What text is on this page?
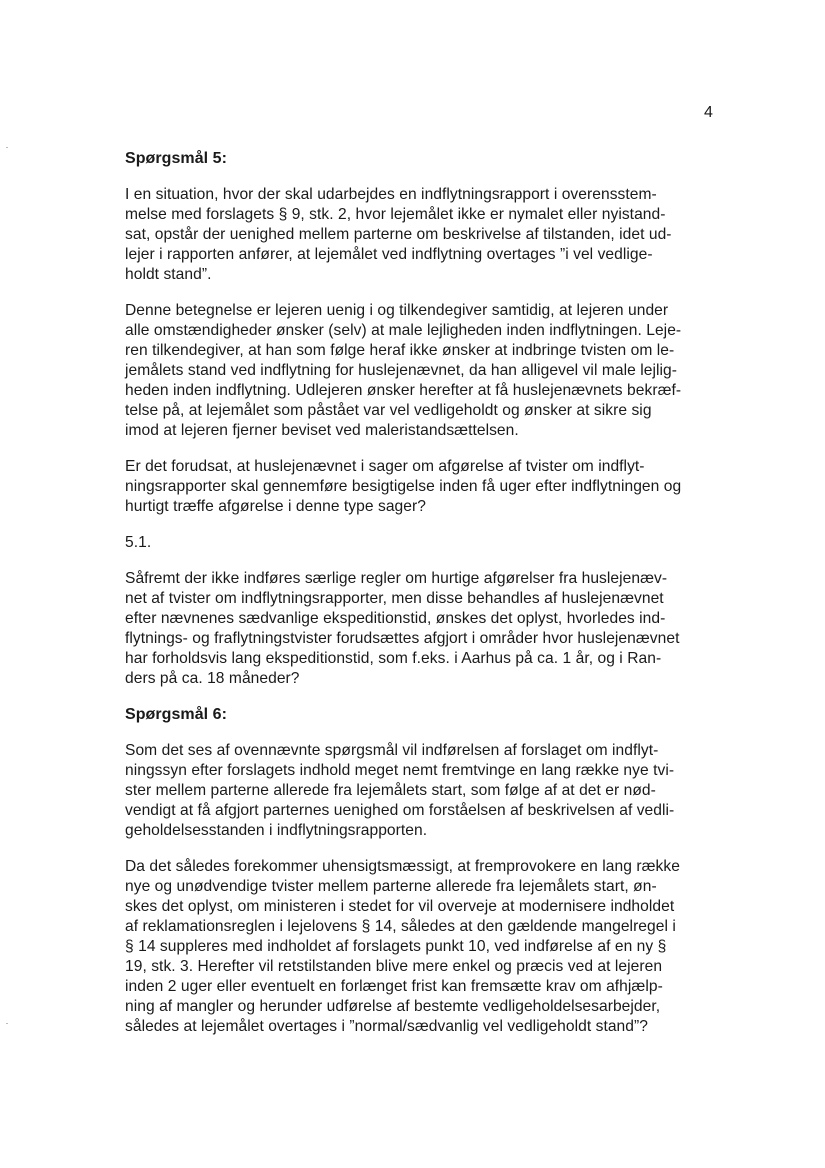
4
Spørgsmål 5:
I en situation, hvor der skal udarbejdes en indflytningsrapport i overensstem-
melse med forslagets § 9, stk. 2, hvor lejemålet ikke er nymalet eller nyistand-
sat, opstår der uenighed mellem parterne om beskrivelse af tilstanden, idet ud-
lejer i rapporten anfører, at lejemålet ved indflytning overtages ”i vel vedlige-
holdt stand”.
Denne betegnelse er lejeren uenig i og tilkendegiver samtidig, at lejeren under
alle omstændigheder ønsker (selv) at male lejligheden inden indflytningen. Leje-
ren tilkendegiver, at han som følge heraf ikke ønsker at indbringe tvisten om le-
jemålets stand ved indflytning for huslejenævnet, da han alligevel vil male lejlig-
heden inden indflytning. Udlejeren ønsker herefter at få huslejenævnets bekræf-
telse på, at lejemålet som påstået var vel vedligeholdt og ønsker at sikre sig
imod at lejeren fjerner beviset ved maleristandsættelsen.
Er det forudsat, at huslejenævnet i sager om afgørelse af tvister om indflyt-
ningsrapporter skal gennemføre besigtigelse inden få uger efter indflytningen og
hurtigt træffe afgørelse i denne type sager?
5.1.
Såfremt der ikke indføres særlige regler om hurtige afgørelser fra huslejenæv-
net af tvister om indflytningsrapporter, men disse behandles af huslejenævnet
efter nævnenes sædvanlige ekspeditionstid, ønskes det oplyst, hvorledes ind-
flytnings- og fraflytningstvister forudsættes afgjort i områder hvor huslejenævnet
har forholdsvis lang ekspeditionstid, som f.eks. i Aarhus på ca. 1 år, og i Ran-
ders på ca. 18 måneder?
Spørgsmål 6:
Som det ses af ovennævnte spørgsmål vil indførelsen af forslaget om indflyt-
ningssyn efter forslagets indhold meget nemt fremtvinge en lang række nye tvi-
ster mellem parterne allerede fra lejemålets start, som følge af at det er nød-
vendigt at få afgjort parternes uenighed om forståelsen af beskrivelsen af vedli-
geholdelsesstanden i indflytningsrapporten.
Da det således forekommer uhensigtsmæssigt, at fremprovokere en lang række
nye og unødvendige tvister mellem parterne allerede fra lejemålets start, øn-
skes det oplyst, om ministeren i stedet for vil overveje at modernisere indholdet
af reklamationsreglen i lejelovens § 14, således at den gældende mangelregel i
§ 14 suppleres med indholdet af forslagets punkt 10, ved indførelse af en ny §
19, stk. 3. Herefter vil retstilstanden blive mere enkel og præcis ved at lejeren
inden 2 uger eller eventuelt en forlænget frist kan fremsætte krav om afhjælp-
ning af mangler og herunder udførelse af bestemte vedligeholdelsesarbejder,
således at lejemålet overtages i ”normal/sædvanlig vel vedligeholdt stand”?
